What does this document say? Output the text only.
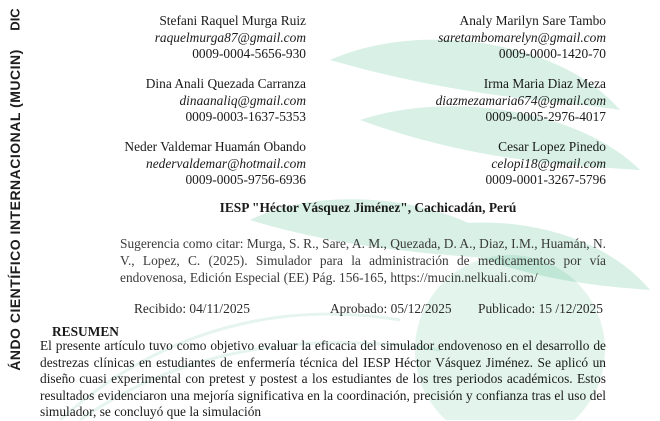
DIC
ÁNDO CIENTÍFICO INTERNACIONAL (MUCIN)
Stefani Raquel Murga Ruiz
raquelmurga87@gmail.com
0009-0004-5656-930
Analy Marilyn Sare Tambo
saretambomarelyn@gmail.com
0009-0000-1420-70
Dina Anali Quezada Carranza
dinaanaliq@gmail.com
0009-0003-1637-5353
Irma Maria Diaz Meza
diazmezamaria674@gmail.com
0009-0005-2976-4017
Neder Valdemar Huamán Obando
nedervaldemar@hotmail.com
0009-0005-9756-6936
Cesar Lopez Pinedo
celopi18@gmail.com
0009-0001-3267-5796
IESP "Héctor Vásquez Jiménez", Cachicadán, Perú
Sugerencia como citar: Murga, S. R., Sare, A. M., Quezada, D. A., Diaz, I.M., Huamán, N. V., Lopez, C. (2025). Simulador para la administración de medicamentos por vía endovenosa, Edición Especial (EE) Pág. 156-165, https://mucin.nelkuali.com/
Recibido: 04/11/2025	Aprobado: 05/12/2025 Publicado: 15 /12/2025
RESUMEN
El presente artículo tuvo como objetivo evaluar la eficacia del simulador endovenoso en el desarrollo de destrezas clínicas en estudiantes de enfermería técnica del IESP Héctor Vásquez Jiménez. Se aplicó un diseño cuasi experimental con pretest y postest a los estudiantes de los tres periodos académicos. Estos resultados evidenciaron una mejoría significativa en la coordinación, precisión y confianza tras el uso del simulador, se concluyó que la simulación
